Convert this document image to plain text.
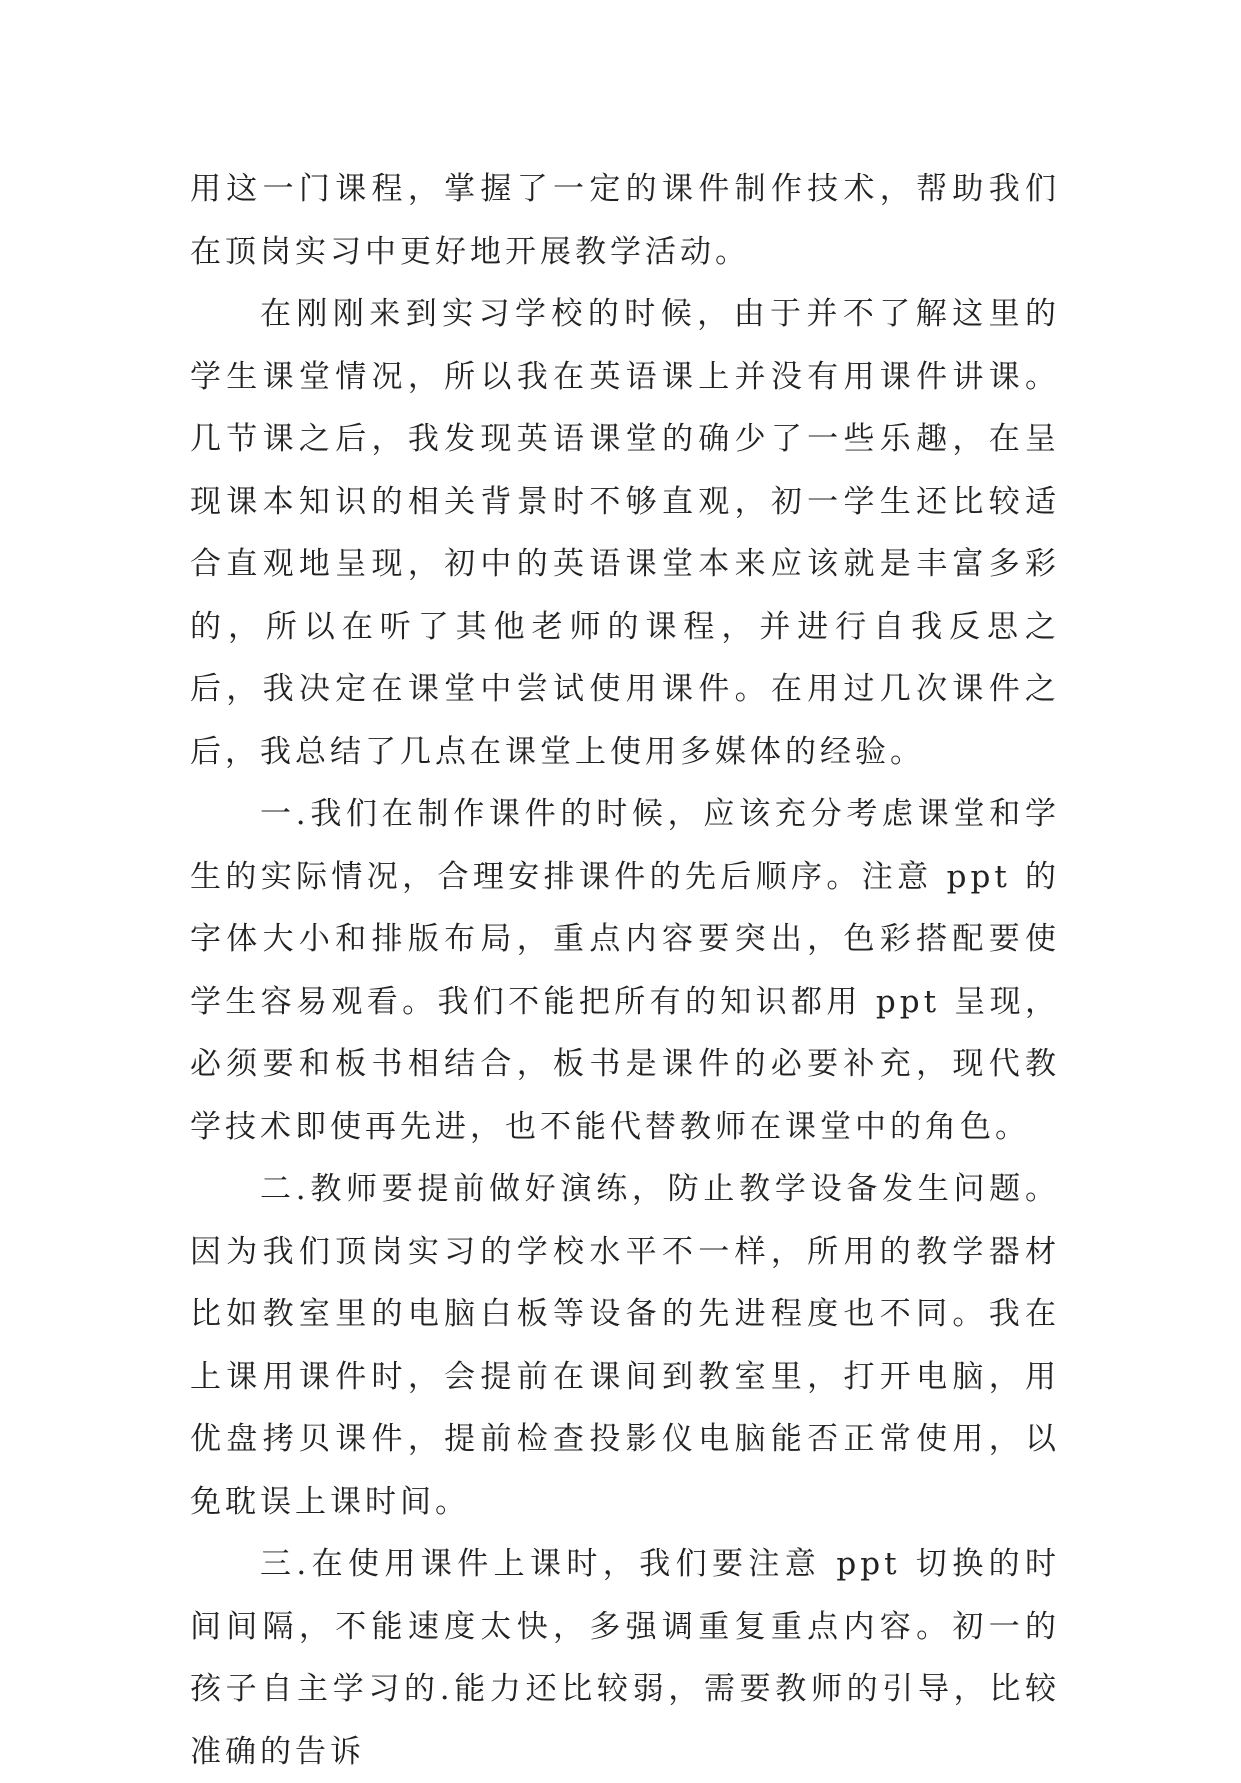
用这一门课程，掌握了一定的课件制作技术，帮助我们在顶岗实习中更好地开展教学活动。

在刚刚来到实习学校的时候，由于并不了解这里的学生课堂情况，所以我在英语课上并没有用课件讲课。几节课之后，我发现英语课堂的确少了一些乐趣，在呈现课本知识的相关背景时不够直观，初一学生还比较适合直观地呈现，初中的英语课堂本来应该就是丰富多彩的，所以在听了其他老师的课程，并进行自我反思之后，我决定在课堂中尝试使用课件。在用过几次课件之后，我总结了几点在课堂上使用多媒体的经验。

一.我们在制作课件的时候，应该充分考虑课堂和学生的实际情况，合理安排课件的先后顺序。注意 ppt 的字体大小和排版布局，重点内容要突出，色彩搭配要使学生容易观看。我们不能把所有的知识都用 ppt 呈现，必须要和板书相结合，板书是课件的必要补充，现代教学技术即使再先进，也不能代替教师在课堂中的角色。

二.教师要提前做好演练，防止教学设备发生问题。因为我们顶岗实习的学校水平不一样，所用的教学器材比如教室里的电脑白板等设备的先进程度也不同。我在上课用课件时，会提前在课间到教室里，打开电脑，用优盘拷贝课件，提前检查投影仪电脑能否正常使用，以免耽误上课时间。

三.在使用课件上课时，我们要注意 ppt 切换的时间间隔，不能速度太快，多强调重复重点内容。初一的孩子自主学习的.能力还比较弱，需要教师的引导，比较准确的告诉
